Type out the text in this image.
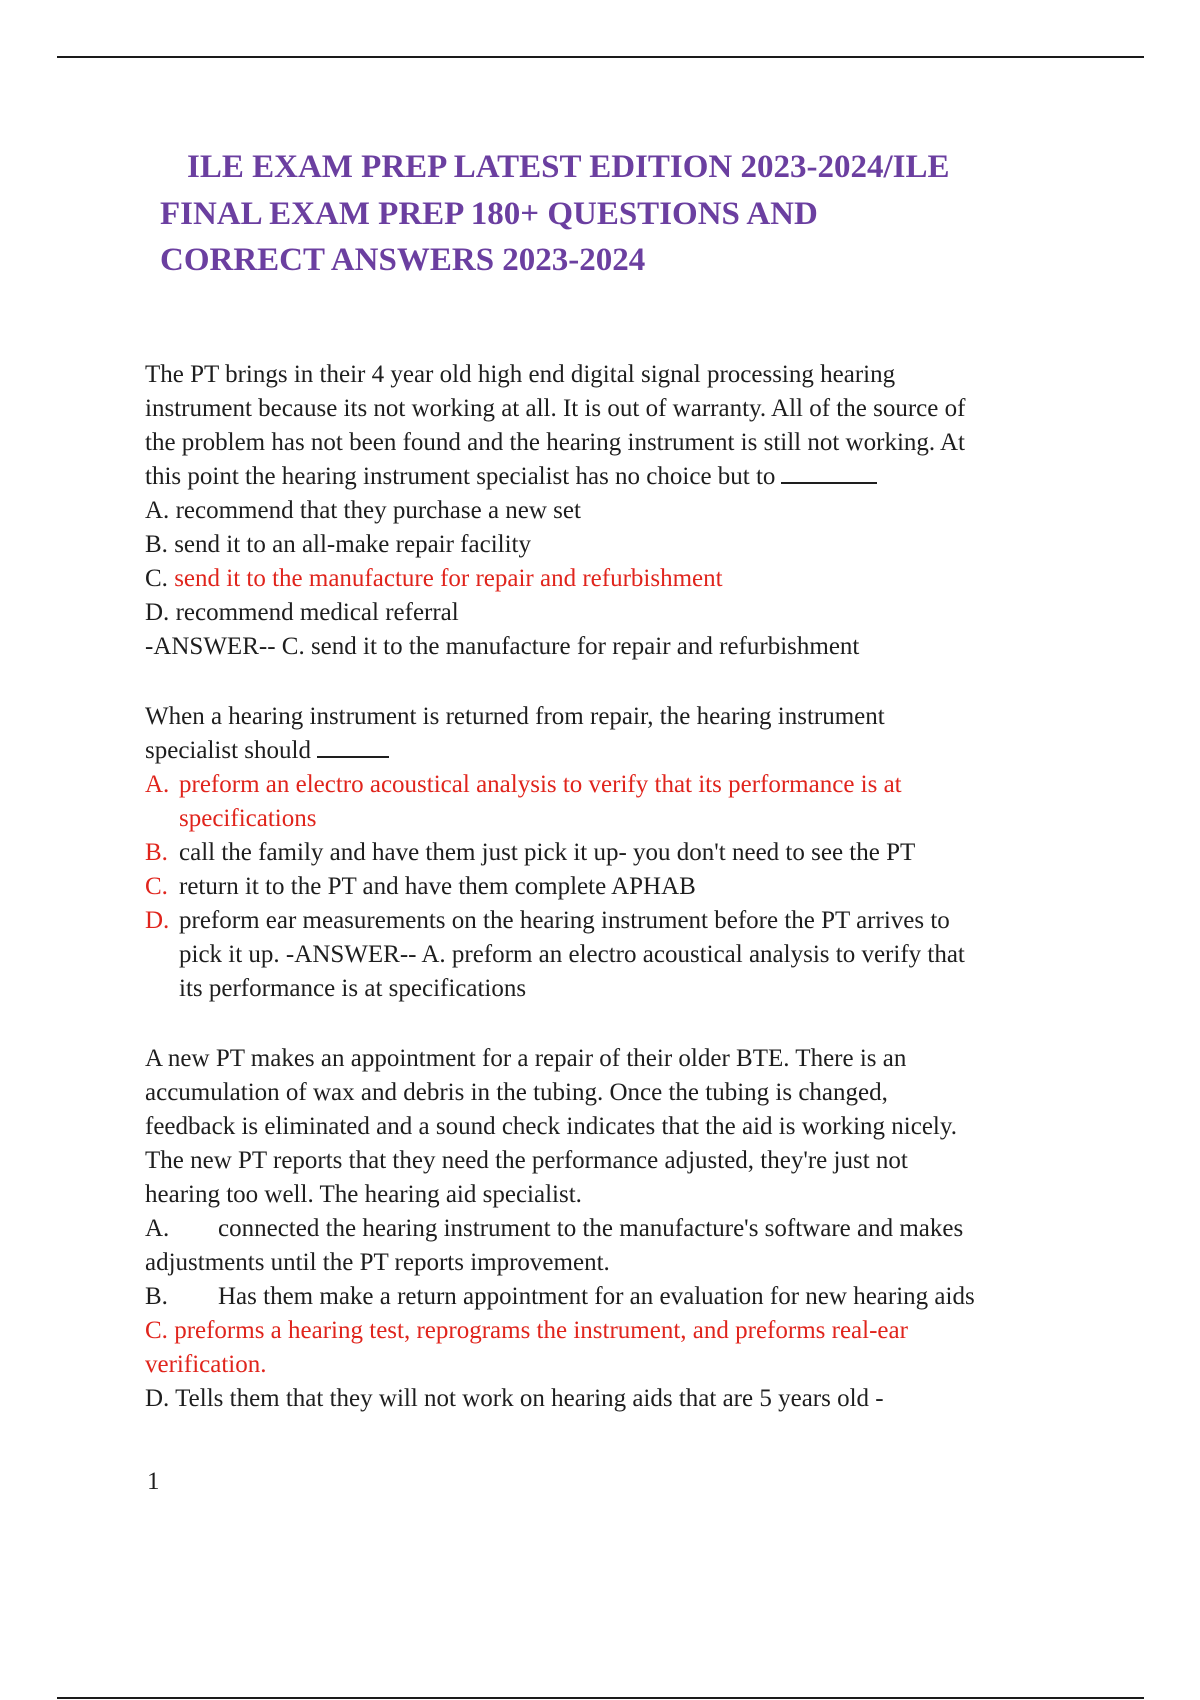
ILE EXAM PREP LATEST EDITION 2023-2024/ILE
FINAL EXAM PREP 180+ QUESTIONS AND
CORRECT ANSWERS 2023-2024
The PT brings in their 4 year old high end digital signal processing hearing
instrument because its not working at all. It is out of warranty. All of the source of
the problem has not been found and the hearing instrument is still not working. At
this point the hearing instrument specialist has no choice but to
A. recommend that they purchase a new set
B. send it to an all-make repair facility
C. send it to the manufacture for repair and refurbishment
D. recommend medical referral
-ANSWER-- C. send it to the manufacture for repair and refurbishment
When a hearing instrument is returned from repair, the hearing instrument
specialist should
A. preform an electro acoustical analysis to verify that its performance is at
specifications
B. call the family and have them just pick it up- you don't need to see the PT
C. return it to the PT and have them complete APHAB
D. preform ear measurements on the hearing instrument before the PT arrives to
pick it up. -ANSWER-- A. preform an electro acoustical analysis to verify that
its performance is at specifications
A new PT makes an appointment for a repair of their older BTE. There is an
accumulation of wax and debris in the tubing. Once the tubing is changed,
feedback is eliminated and a sound check indicates that the aid is working nicely.
The new PT reports that they need the performance adjusted, they're just not
hearing too well. The hearing aid specialist.
A. connected the hearing instrument to the manufacture's software and makes
adjustments until the PT reports improvement.
B. Has them make a return appointment for an evaluation for new hearing aids
C. preforms a hearing test, reprograms the instrument, and preforms real-ear
verification.
D. Tells them that they will not work on hearing aids that are 5 years old -
1
